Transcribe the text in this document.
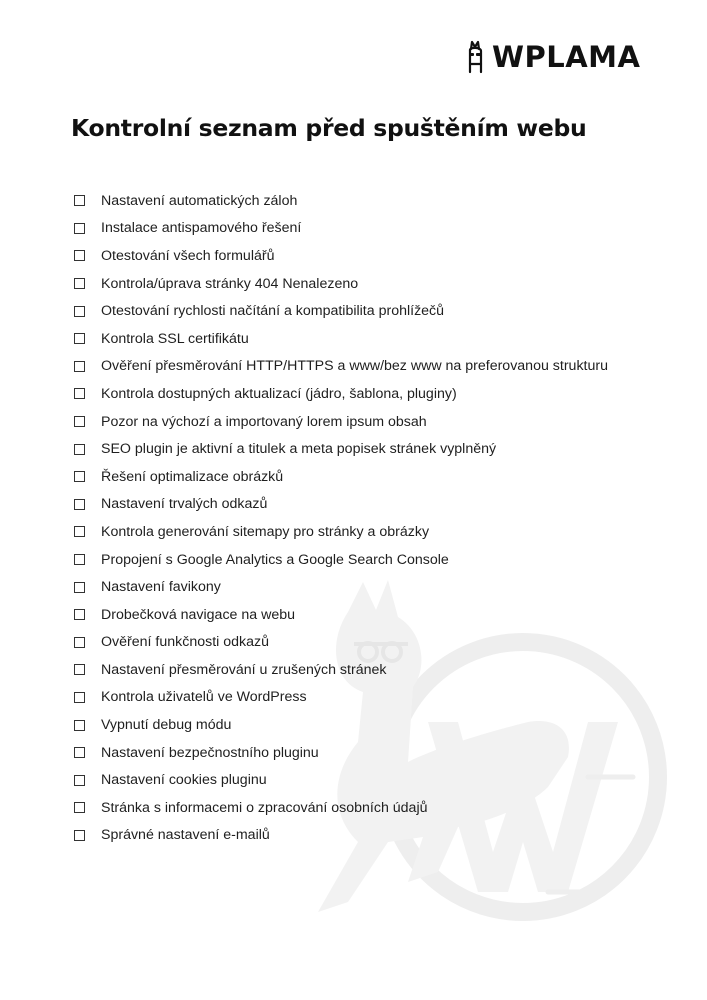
WPLAMA
Kontrolní seznam před spuštěním webu
Nastavení automatických záloh
Instalace antispamového řešení
Otestování všech formulářů
Kontrola/úprava stránky 404 Nenalezeno
Otestování rychlosti načítání a kompatibilita prohlížečů
Kontrola SSL certifikátu
Ověření přesměrování HTTP/HTTPS a www/bez www na preferovanou strukturu
Kontrola dostupných aktualizací (jádro, šablona, pluginy)
Pozor na výchozí a importovaný lorem ipsum obsah
SEO plugin je aktivní a titulek a meta popisek stránek vyplněný
Řešení optimalizace obrázků
Nastavení trvalých odkazů
Kontrola generování sitemapy pro stránky a obrázky
Propojení s Google Analytics a Google Search Console
Nastavení favikony
Drobečková navigace na webu
Ověření funkčnosti odkazů
Nastavení přesměrování u zrušených stránek
Kontrola uživatelů ve WordPress
Vypnutí debug módu
Nastavení bezpečnostního pluginu
Nastavení cookies pluginu
Stránka s informacemi o zpracování osobních údajů
Správné nastavení e-mailů
